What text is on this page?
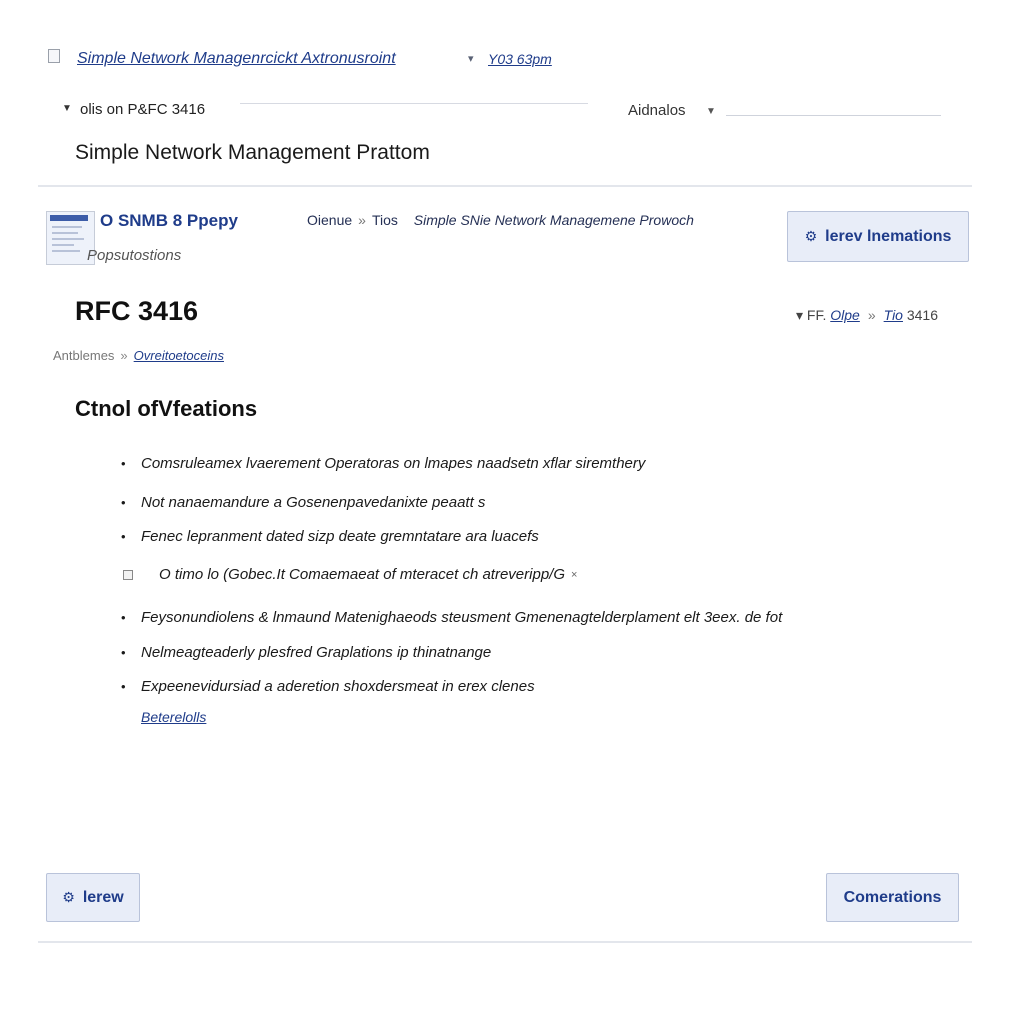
Simple Network Managenrcickt Axtronusroint	▾ Y03 63pm
▼ olis on P&FC 3416	Aidnalos ▼
Simple Network Management Prattom
O SNMB 8 Ppepy
Popsutostions
Oienue » Tios Simple SNie Network Managemene Prowoch
⚙ lerev lnemations
RFC 3416	▾ FF. Olpe » Tio 3416
Antblemes » Ovreitoetoceins
Ctnol ofVfeations
•	Comsruleamex lvaerement Operatoras on lmapes naadsetn xflar siremthery
•	Not nanaemandure a Gosenenpavedanixte peaatt s
•	Fenec lepranment dated sizp deate gremntatare ara luacefs
O timo lo (Gobec.It Comaemaeat of mteracet ch atreveripp/G ×
•	Feysonundiolens & lnmaund Matenighaeods steusment Gmenenagtelderplament elt 3eex. de fot
•	Nelmeagteaderly plesfred Graplations ip thinatnange
•	Expeenevidursiad a aderetion shoxdersmeat in erex clenes
Beterelolls
⚙ lerew	Comerations
